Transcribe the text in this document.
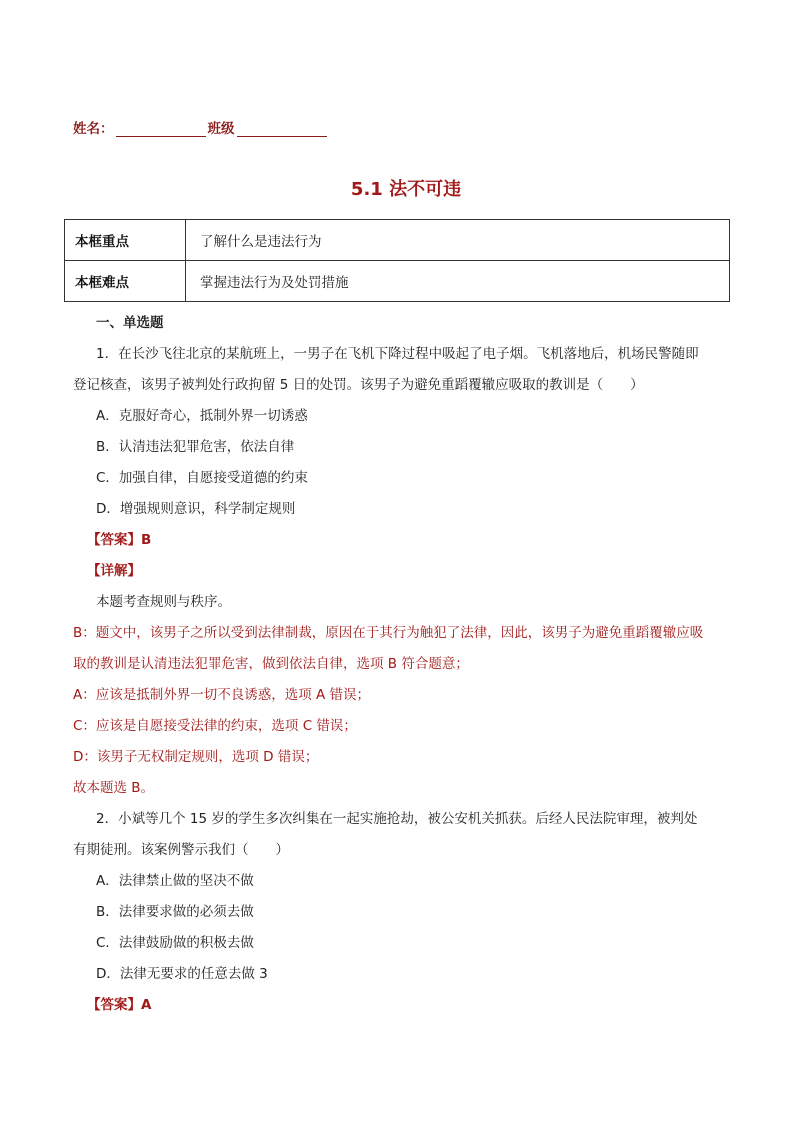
姓名：	班级
5.1 法不可违
本框重点	了解什么是违法行为
本框难点	掌握违法行为及处罚措施
一、单选题
1．在长沙飞往北京的某航班上，一男子在飞机下降过程中吸起了电子烟。飞机落地后，机场民警随即
登记核查，该男子被判处行政拘留 5 日的处罚。该男子为避免重蹈覆辙应吸取的教训是（　　）
A．克服好奇心，抵制外界一切诱惑
B．认清违法犯罪危害，依法自律
C．加强自律，自愿接受道德的约束
D．增强规则意识，科学制定规则
【答案】B
【详解】
本题考查规则与秩序。
B：题文中，该男子之所以受到法律制裁，原因在于其行为触犯了法律，因此，该男子为避免重蹈覆辙应吸
取的教训是认清违法犯罪危害，做到依法自律，选项 B 符合题意；
A：应该是抵制外界一切不良诱惑，选项 A 错误；
C：应该是自愿接受法律的约束，选项 C 错误；
D：该男子无权制定规则，选项 D 错误；
故本题选 B。
2．小斌等几个 15 岁的学生多次纠集在一起实施抢劫，被公安机关抓获。后经人民法院审理，被判处
有期徒刑。该案例警示我们（　　）
A．法律禁止做的坚决不做
B．法律要求做的必须去做
C．法律鼓励做的积极去做
D．法律无要求的任意去做 3
【答案】A
